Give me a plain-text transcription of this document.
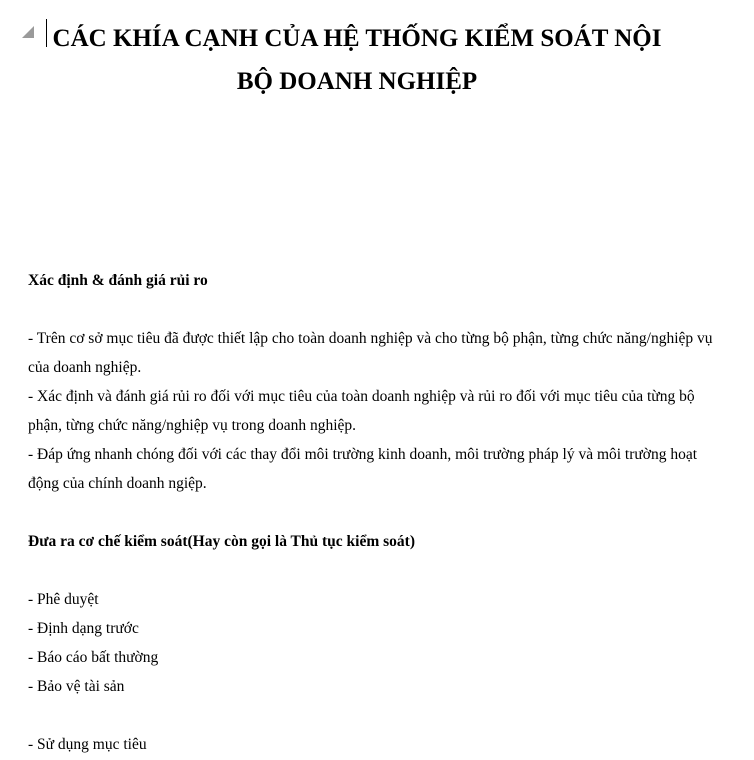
CÁC KHÍA CẠNH CỦA HỆ THỐNG KIỂM SOÁT NỘI BỘ DOANH NGHIỆP

Xác định & đánh giá rủi ro

- Trên cơ sở mục tiêu đã được thiết lập cho toàn doanh nghiệp và cho từng bộ phận, từng chức năng/nghiệp vụ của doanh nghiệp.

- Xác định và đánh giá rủi ro đối với mục tiêu của toàn doanh nghiệp và rủi ro đối với mục tiêu của từng bộ phận, từng chức năng/nghiệp vụ trong doanh nghiệp.

- Đáp ứng nhanh chóng đối với các thay đổi môi trường kinh doanh, môi trường pháp lý và môi trường hoạt động của chính doanh ngiệp.

Đưa ra cơ chế kiểm soát(Hay còn gọi là Thủ tục kiểm soát)

- Phê duyệt

- Định dạng trước

- Báo cáo bất thường

- Bảo vệ tài sản

- Sử dụng mục tiêu
